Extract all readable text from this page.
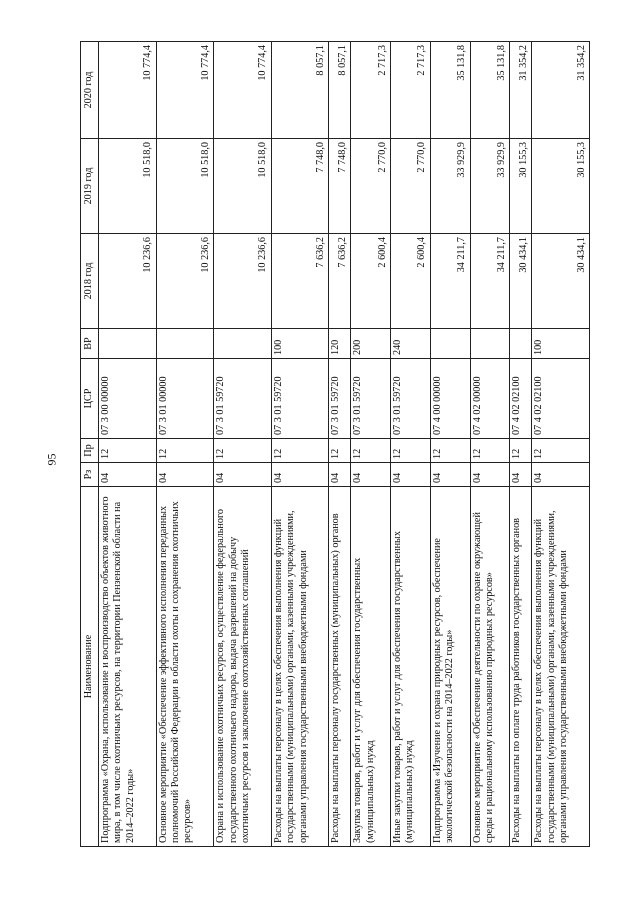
95
Наименование	Рз	Пр	ЦСР	ВР	2018 год	2019 год	2020 год
Подпрограмма «Охрана, использование и воспроизводство объектов животного мира, в том числе охотничьих ресурсов, на территории Пензенской области на 2014–2022 годы»	04	12	07 3 00 00000		10 236,6	10 518,0	10 774,4
Основное мероприятие «Обеспечение эффективного исполнения переданных полномочий Российской Федерации в области охоты и сохранения охотничьих ресурсов»	04	12	07 3 01 00000		10 236,6	10 518,0	10 774,4
Охрана и использование охотничьих ресурсов, осуществление федерального государственного охотничьего надзора, выдача разрешений на добычу охотничьих ресурсов и заключение охотхозяйственных соглашений	04	12	07 3 01 59720		10 236,6	10 518,0	10 774,4
Расходы на выплаты персоналу в целях обеспечения выполнения функций государственными (муниципальными) органами, казенными учреждениями, органами управления государственными внебюджетными фондами	04	12	07 3 01 59720	100	7 636,2	7 748,0	8 057,1
Расходы на выплаты персоналу государственных (муниципальных) органов	04	12	07 3 01 59720	120	7 636,2	7 748,0	8 057,1
Закупка товаров, работ и услуг для обеспечения государственных (муниципальных) нужд	04	12	07 3 01 59720	200	2 600,4	2 770,0	2 717,3
Иные закупки товаров, работ и услуг для обеспечения государственных (муниципальных) нужд	04	12	07 3 01 59720	240	2 600,4	2 770,0	2 717,3
Подпрограмма «Изучение и охрана природных ресурсов, обеспечение экологической безопасности на 2014–2022 годы»	04	12	07 4 00 00000		34 211,7	33 929,9	35 131,8
Основное мероприятие «Обеспечение деятельности по охране окружающей среды и рациональному использованию природных ресурсов»	04	12	07 4 02 00000		34 211,7	33 929,9	35 131,8
Расходы на выплаты по оплате труда работников государственных органов	04	12	07 4 02 02100		30 434,1	30 155,3	31 354,2
Расходы на выплаты персоналу в целях обеспечения выполнения функций государственными (муниципальными) органами, казенными учреждениями, органами управления государственными внебюджетными фондами	04	12	07 4 02 02100	100	30 434,1	30 155,3	31 354,2
